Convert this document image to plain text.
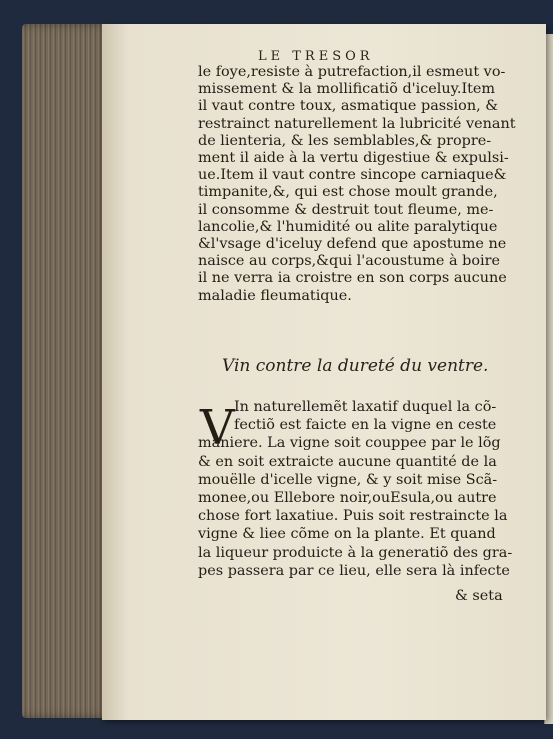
LE TRESOR
le foye,resiste à putrefaction,il esmeut vo-
missement & la mollificatiõ d'iceluy.Item
il vaut contre toux, asmatique passion, &
restrainct naturellement la lubricité venant
de lienteria, & les semblables,& propre-
ment il aide à la vertu digestiue & expulsi-
ue.Item il vaut contre sincope carniaque&
timpanite,&, qui est chose moult grande,
il consomme & destruit tout fleume, me-
lancolie,& l'humidité ou alite paralytique
&l'vsage d'iceluy defend que apostume ne
naisce au corps,&qui l'acoustume à boire
il ne verra ia croistre en son corps aucune
maladie fleumatique.
Vin contre la dureté du ventre.
V In naturellemẽt laxatif duquel la cõ-
fectiõ est faicte en la vigne en ceste
maniere. La vigne soit couppee par le lõg
& en soit extraicte aucune quantité de la
mouëlle d'icelle vigne, & y soit mise Scã-
monee,ou Ellebore noir,ouEsula,ou autre
chose fort laxatiue. Puis soit restraincte la
vigne & liee cõme on la plante. Et quand
la liqueur produicte à la generatiõ des gra-
pes passera par ce lieu, elle sera là infecte
& seta
